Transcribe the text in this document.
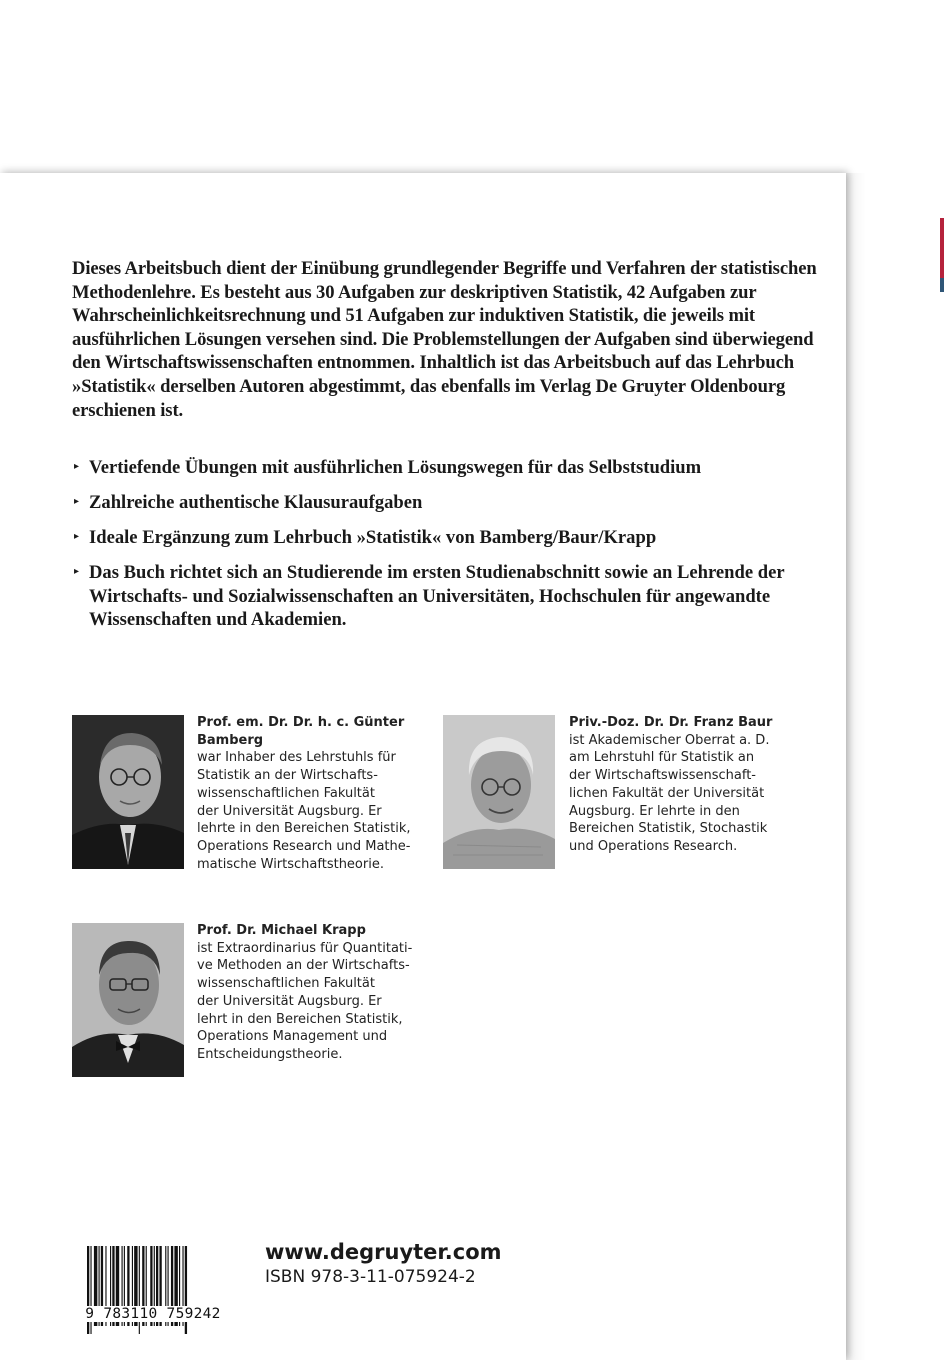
Dieses Arbeitsbuch dient der Einübung grundlegender Begriffe und Verfahren der statistischen Methodenlehre. Es besteht aus 30 Aufgaben zur deskriptiven Statistik, 42 Aufgaben zur Wahrscheinlichkeitsrechnung und 51 Aufgaben zur induktiven Statistik, die jeweils mit ausführlichen Lösungen versehen sind. Die Problemstellungen der Aufgaben sind überwiegend den Wirtschaftswissenschaften entnommen. Inhaltlich ist das Arbeitsbuch auf das Lehrbuch »Statistik« derselben Autoren abgestimmt, das ebenfalls im Verlag De Gruyter Oldenbourg erschienen ist.

▸ Vertiefende Übungen mit ausführlichen Lösungswegen für das Selbststudium
▸ Zahlreiche authentische Klausuraufgaben
▸ Ideale Ergänzung zum Lehrbuch »Statistik« von Bamberg/Baur/Krapp
▸ Das Buch richtet sich an Studierende im ersten Studienabschnitt sowie an Lehrende der Wirtschafts- und Sozialwissenschaften an Universitäten, Hochschulen für angewandte Wissenschaften und Akademien.
Prof. em. Dr. Dr. h. c. Günter Bamberg
war Inhaber des Lehrstuhls für
Statistik an der Wirtschafts-
wissenschaftlichen Fakultät
der Universität Augsburg. Er
lehrte in den Bereichen Statistik,
Operations Research und Mathe-
matische Wirtschaftstheorie.
Priv.-Doz. Dr. Dr. Franz Baur
ist Akademischer Oberrat a. D.
am Lehrstuhl für Statistik an
der Wirtschaftswissenschaft-
lichen Fakultät der Universität
Augsburg. Er lehrte in den
Bereichen Statistik, Stochastik
und Operations Research.
Prof. Dr. Michael Krapp
ist Extraordinarius für Quantitati-
ve Methoden an der Wirtschafts-
wissenschaftlichen Fakultät
der Universität Augsburg. Er
lehrt in den Bereichen Statistik,
Operations Management und
Entscheidungstheorie.
9 783110 759242
www.degruyter.com
ISBN 978-3-11-075924-2
